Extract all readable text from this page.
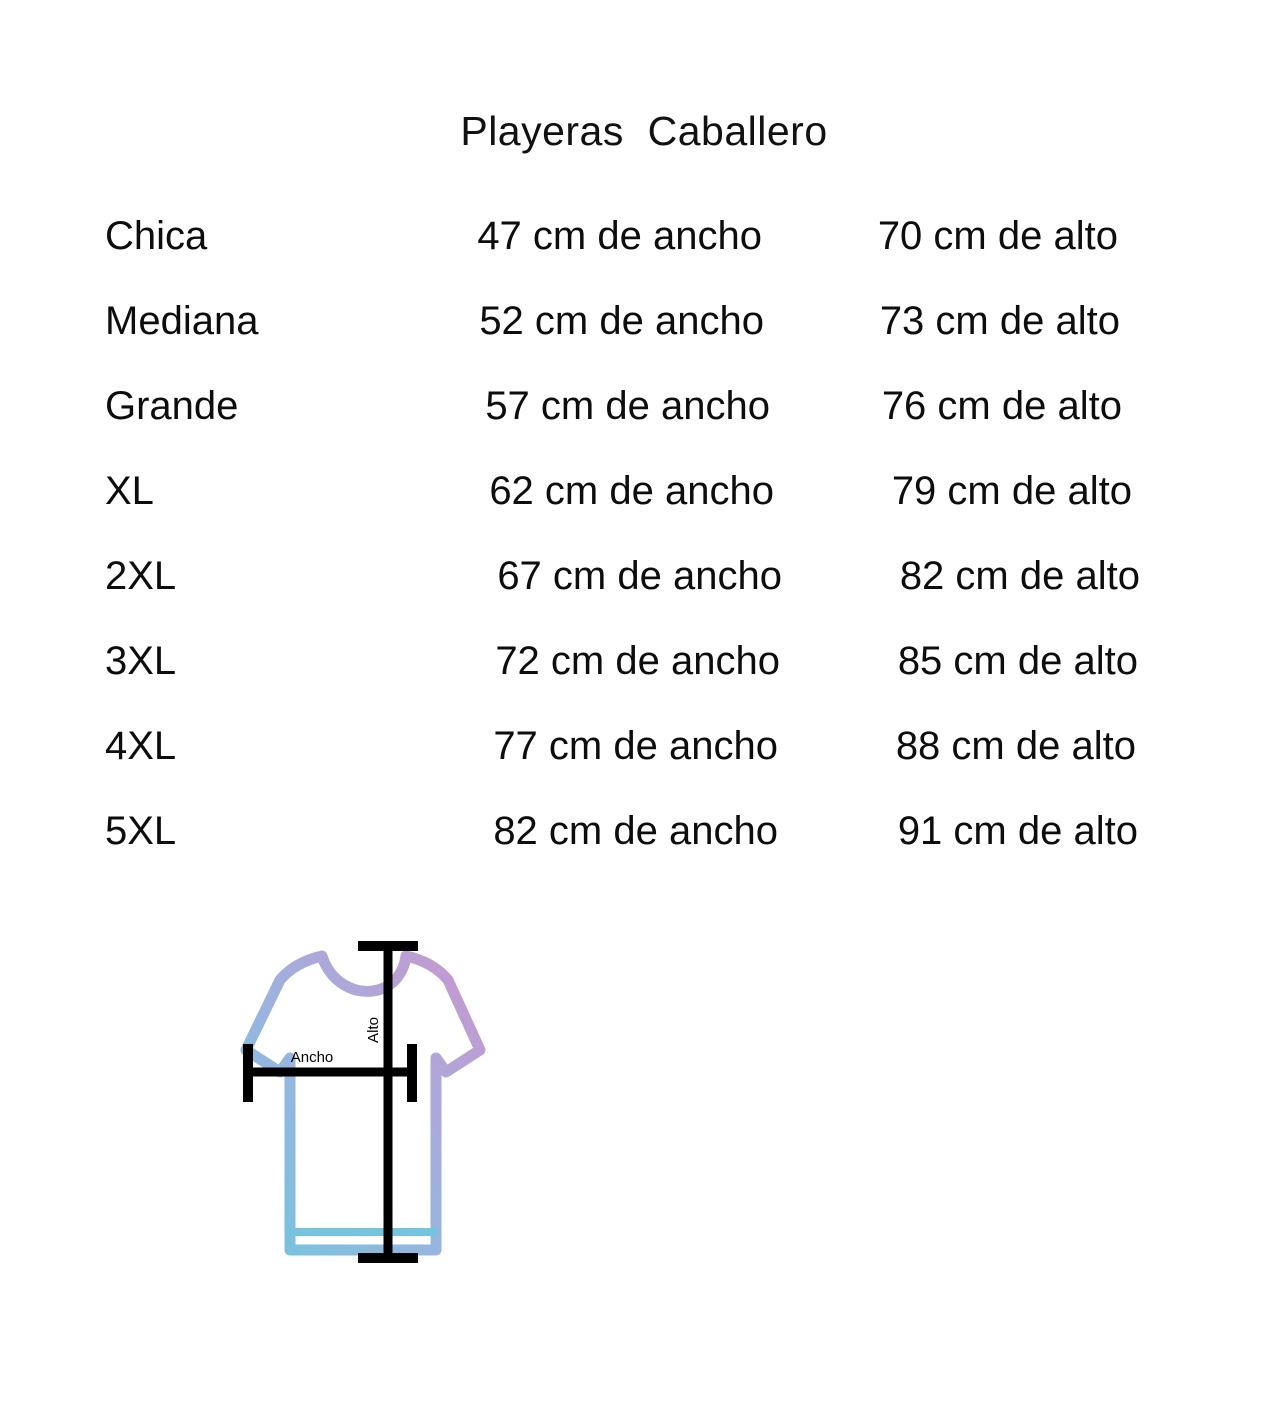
Playeras  Caballero
Chica	47 cm de ancho	70 cm de alto
Mediana	52 cm de ancho	73 cm de alto
Grande	57 cm de ancho	76 cm de alto
XL	62 cm de ancho	79 cm de alto
2XL	67 cm de ancho	82 cm de alto
3XL	72 cm de ancho	85 cm de alto
4XL	77 cm de ancho	88 cm de alto
5XL	82 cm de ancho	91 cm de alto
Alto
Ancho
